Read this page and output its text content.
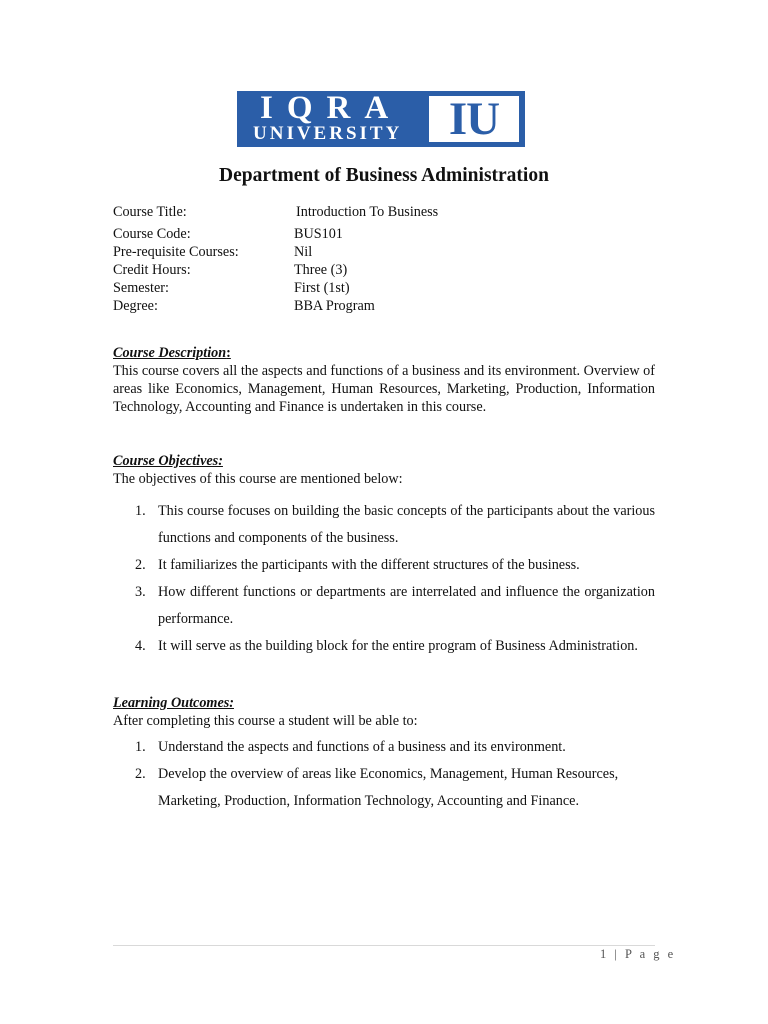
IQRA
UNIVERSITY IU
Department of Business Administration
Course Title:	Introduction To Business
Course Code:	BUS101
Pre-requisite Courses:	Nil
Credit Hours:	Three (3)
Semester:	First (1st)
Degree:	BBA Program
Course Description:
This course covers all the aspects and functions of a business and its environment. Overview of areas like Economics, Management, Human Resources, Marketing, Production, Information Technology, Accounting and Finance is undertaken in this course.
Course Objectives:
The objectives of this course are mentioned below:
1. This course focuses on building the basic concepts of the participants about the various functions and components of the business.
2. It familiarizes the participants with the different structures of the business.
3. How different functions or departments are interrelated and influence the organization performance.
4. It will serve as the building block for the entire program of Business Administration.
Learning Outcomes:
After completing this course a student will be able to:
1. Understand the aspects and functions of a business and its environment.
2. Develop the overview of areas like Economics, Management, Human Resources, Marketing, Production, Information Technology, Accounting and Finance.
1 | P a g e
